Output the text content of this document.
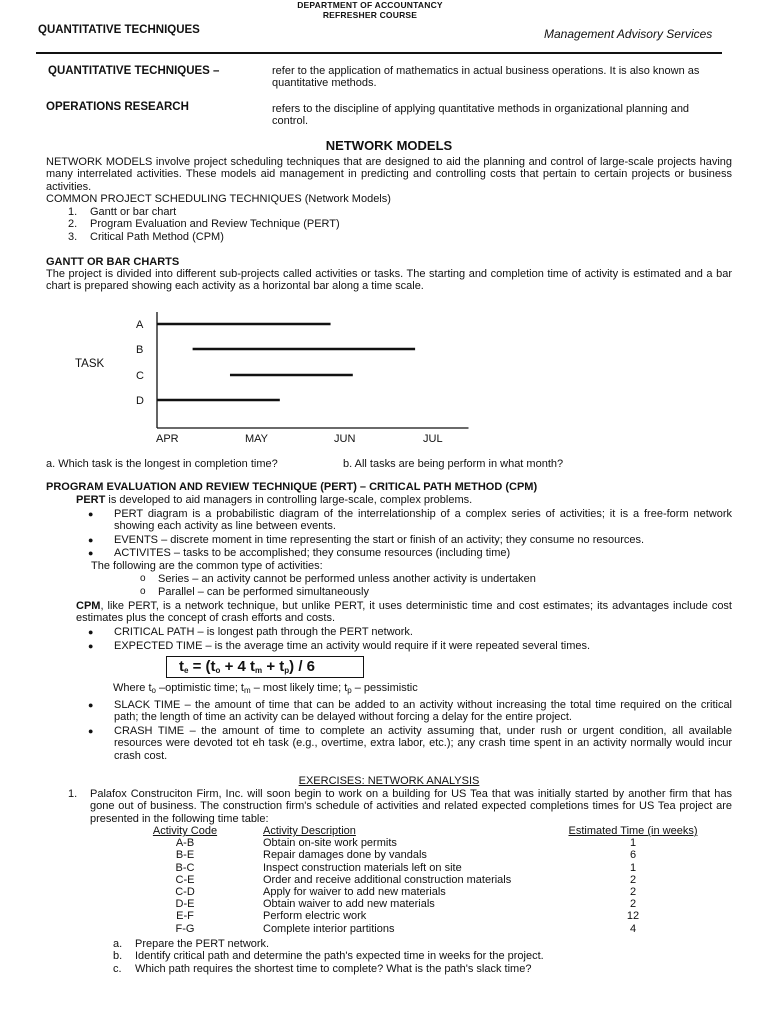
DEPARTMENT OF ACCOUNTANCY
REFRESHER COURSE
QUANTITATIVE TECHNIQUES	Management Advisory Services
QUANTITATIVE TECHNIQUES –	refer to the application of mathematics in actual business operations. It is also known as quantitative methods.
OPERATIONS RESEARCH	refers to the discipline of applying quantitative methods in organizational planning and control.
NETWORK MODELS
NETWORK MODELS involve project scheduling techniques that are designed to aid the planning and control of large-scale projects having many interrelated activities. These models aid management in predicting and controlling costs that pertain to certain projects or business activities.
COMMON PROJECT SCHEDULING TECHNIQUES (Network Models)
1. Gantt or bar chart
2. Program Evaluation and Review Technique (PERT)
3. Critical Path Method (CPM)
GANTT OR BAR CHARTS
The project is divided into different sub-projects called activities or tasks. The starting and completion time of activity is estimated and a bar chart is prepared showing each activity as a horizontal bar along a time scale.
TASK
APR	MAY	JUN	JUL
A
B
C
D
a. Which task is the longest in completion time?	b. All tasks are being perform in what month?
PROGRAM EVALUATION AND REVIEW TECHNIQUE (PERT) – CRITICAL PATH METHOD (CPM)
PERT is developed to aid managers in controlling large-scale, complex problems.
●	PERT diagram is a probabilistic diagram of the interrelationship of a complex series of activities; it is a free-form network showing each activity as line between events.
●	EVENTS – discrete moment in time representing the start or finish of an activity; they consume no resources.
●	ACTIVITES – tasks to be accomplished; they consume resources (including time)
The following are the common type of activities:
o Series – an activity cannot be performed unless another activity is undertaken
o Parallel – can be performed simultaneously
CPM, like PERT, is a network technique, but unlike PERT, it uses deterministic time and cost estimates; its advantages include cost estimates plus the concept of crash efforts and costs.
●	CRITICAL PATH – is longest path through the PERT network.
●	EXPECTED TIME – is the average time an activity would require if it were repeated several times.
$t_e = (t_o + 4$ $t_m + t_p) / 6$
Where $t_o$ –optimistic time; $t_m$ – most likely time; $t_p$ – pessimistic
●	SLACK TIME – the amount of time that can be added to an activity without increasing the total time required on the critical path; the length of time an activity can be delayed without forcing a delay for the entire project.
●	CRASH TIME – the amount of time to complete an activity assuming that, under rush or urgent condition, all available resources were devoted tot eh task (e.g., overtime, extra labor, etc.); any crash time spent in an activity normally would incur crash cost.
EXERCISES: NETWORK ANALYSIS
1. Palafox Construciton Firm, Inc. will soon begin to work on a building for US Tea that was initially started by another firm that has gone out of business. The construction firm's schedule of activities and related expected completions times for US Tea project are presented in the following time table:
Activity Code	Activity Description	Estimated Time (in weeks)
A-B	Obtain on-site work permits	1
B-E	Repair damages done by vandals	6
B-C	Inspect construction materials left on site	1
C-E	Order and receive additional construction materials	2
C-D	Apply for waiver to add new materials	2
D-E	Obtain waiver to add new materials	2
E-F	Perform electric work	12
F-G	Complete interior partitions	4
a. Prepare the PERT network.
b. Identify critical path and determine the path's expected time in weeks for the project.
c. Which path requires the shortest time to complete? What is the path's slack time?
